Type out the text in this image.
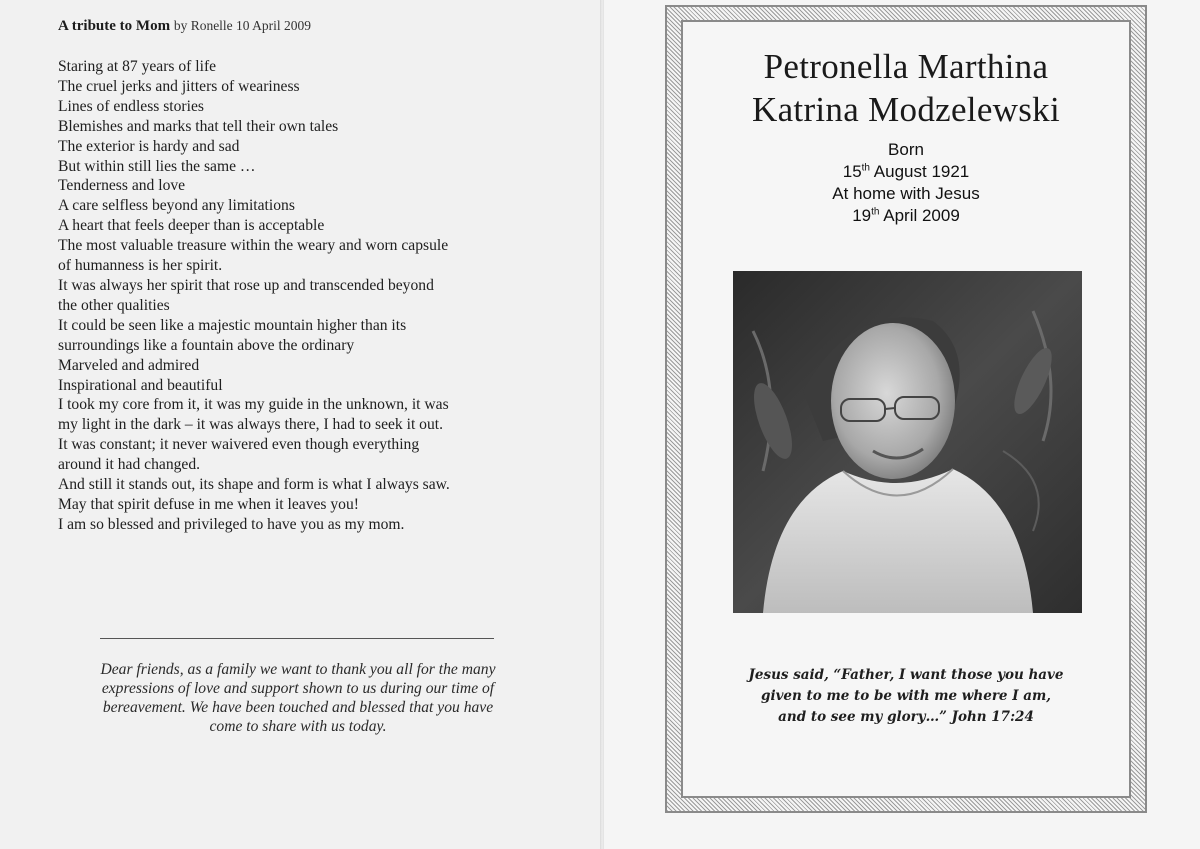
A tribute to Mom by Ronelle 10 April 2009
Staring at 87 years of life
The cruel jerks and jitters of weariness
Lines of endless stories
Blemishes and marks that tell their own tales
The exterior is hardy and sad
But within still lies the same …
Tenderness and love
A care selfless beyond any limitations
A heart that feels deeper than is acceptable
The most valuable treasure within the weary and worn capsule
of humanness is her spirit.
It was always her spirit that rose up and transcended beyond
the other qualities
It could be seen like a majestic mountain higher than its
surroundings like a fountain above the ordinary
Marveled and admired
Inspirational and beautiful
I took my core from it, it was my guide in the unknown, it was
my light in the dark – it was always there, I had to seek it out.
It was constant; it never waivered even though everything
around it had changed.
And still it stands out, its shape and form is what I always saw.
May that spirit defuse in me when it leaves you!
I am so blessed and privileged to have you as my mom.
Dear friends, as a family we want to thank you all for the many
expressions of love and support shown to us during our time of
bereavement. We have been touched and blessed that you have
come to share with us today.
Petronella Marthina
Katrina Modzelewski
Born
15th August 1921
At home with Jesus
19th April 2009
Jesus said, “Father, I want those you have
given to me to be with me where I am,
and to see my glory…” John 17:24
